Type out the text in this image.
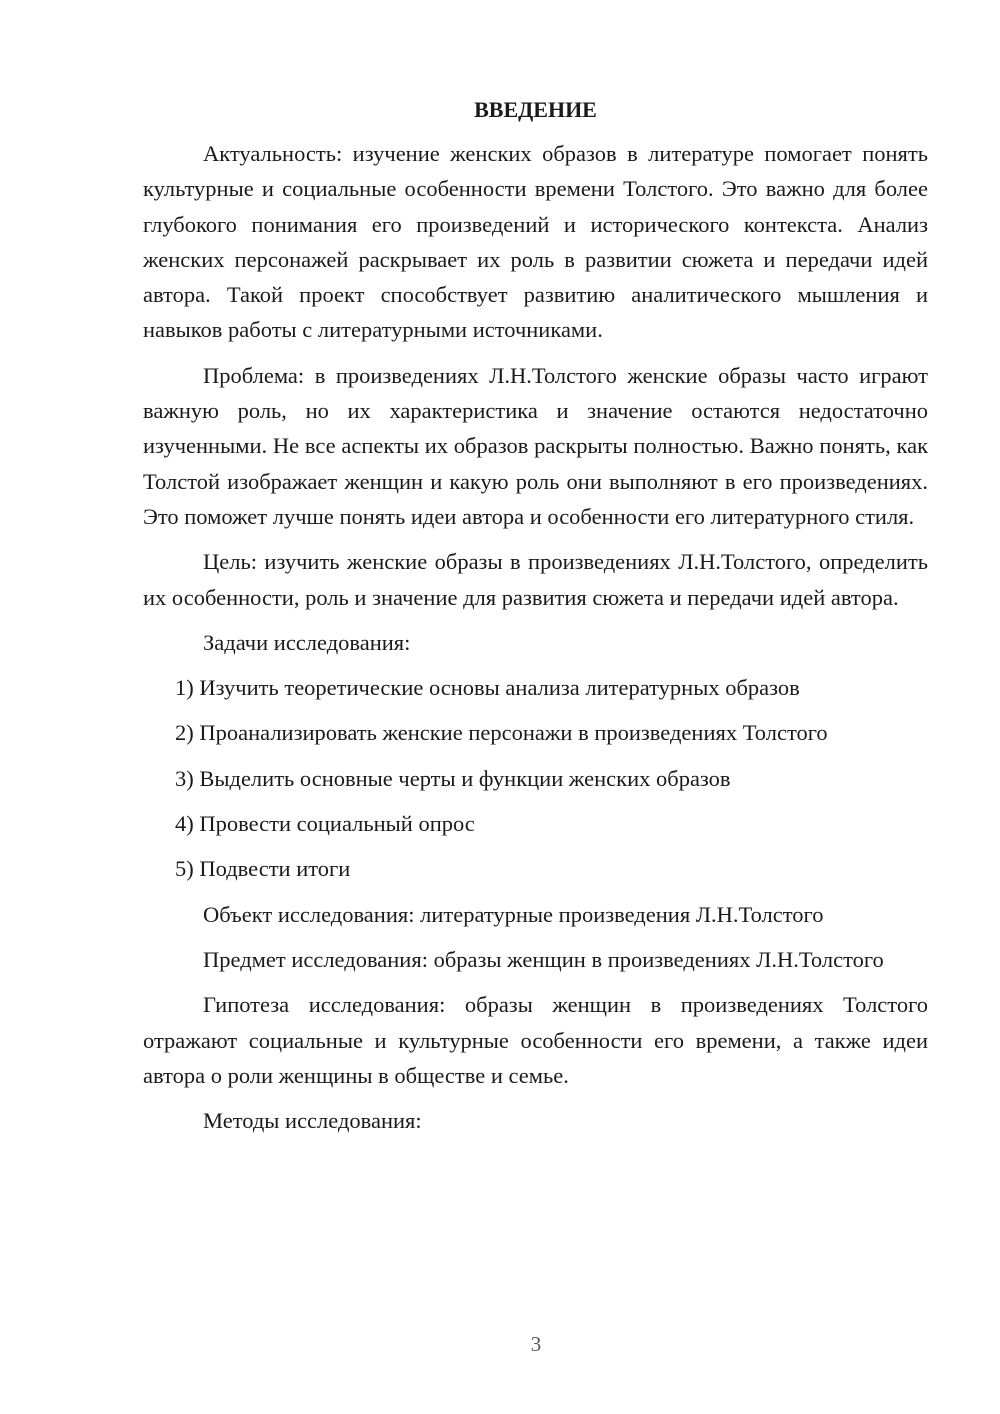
ВВЕДЕНИЕ

Актуальность: изучение женских образов в литературе помогает понять культурные и социальные особенности времени Толстого. Это важно для более глубокого понимания его произведений и исторического контекста. Анализ женских персонажей раскрывает их роль в развитии сюжета и передачи идей автора. Такой проект способствует развитию аналитического мышления и навыков работы с литературными источниками.

Проблема: в произведениях Л.Н.Толстого женские образы часто играют важную роль, но их характеристика и значение остаются недостаточно изученными. Не все аспекты их образов раскрыты полностью. Важно понять, как Толстой изображает женщин и какую роль они выполняют в его произведениях. Это поможет лучше понять идеи автора и особенности его литературного стиля.

Цель: изучить женские образы в произведениях Л.Н.Толстого, определить их особенности, роль и значение для развития сюжета и передачи идей автора.

Задачи исследования:

1) Изучить теоретические основы анализа литературных образов
2) Проанализировать женские персонажи в произведениях Толстого
3) Выделить основные черты и функции женских образов
4) Провести социальный опрос
5) Подвести итоги

Объект исследования: литературные произведения Л.Н.Толстого

Предмет исследования: образы женщин в произведениях Л.Н.Толстого

Гипотеза исследования: образы женщин в произведениях Толстого отражают социальные и культурные особенности его времени, а также идеи автора о роли женщины в обществе и семье.

Методы исследования:

3
